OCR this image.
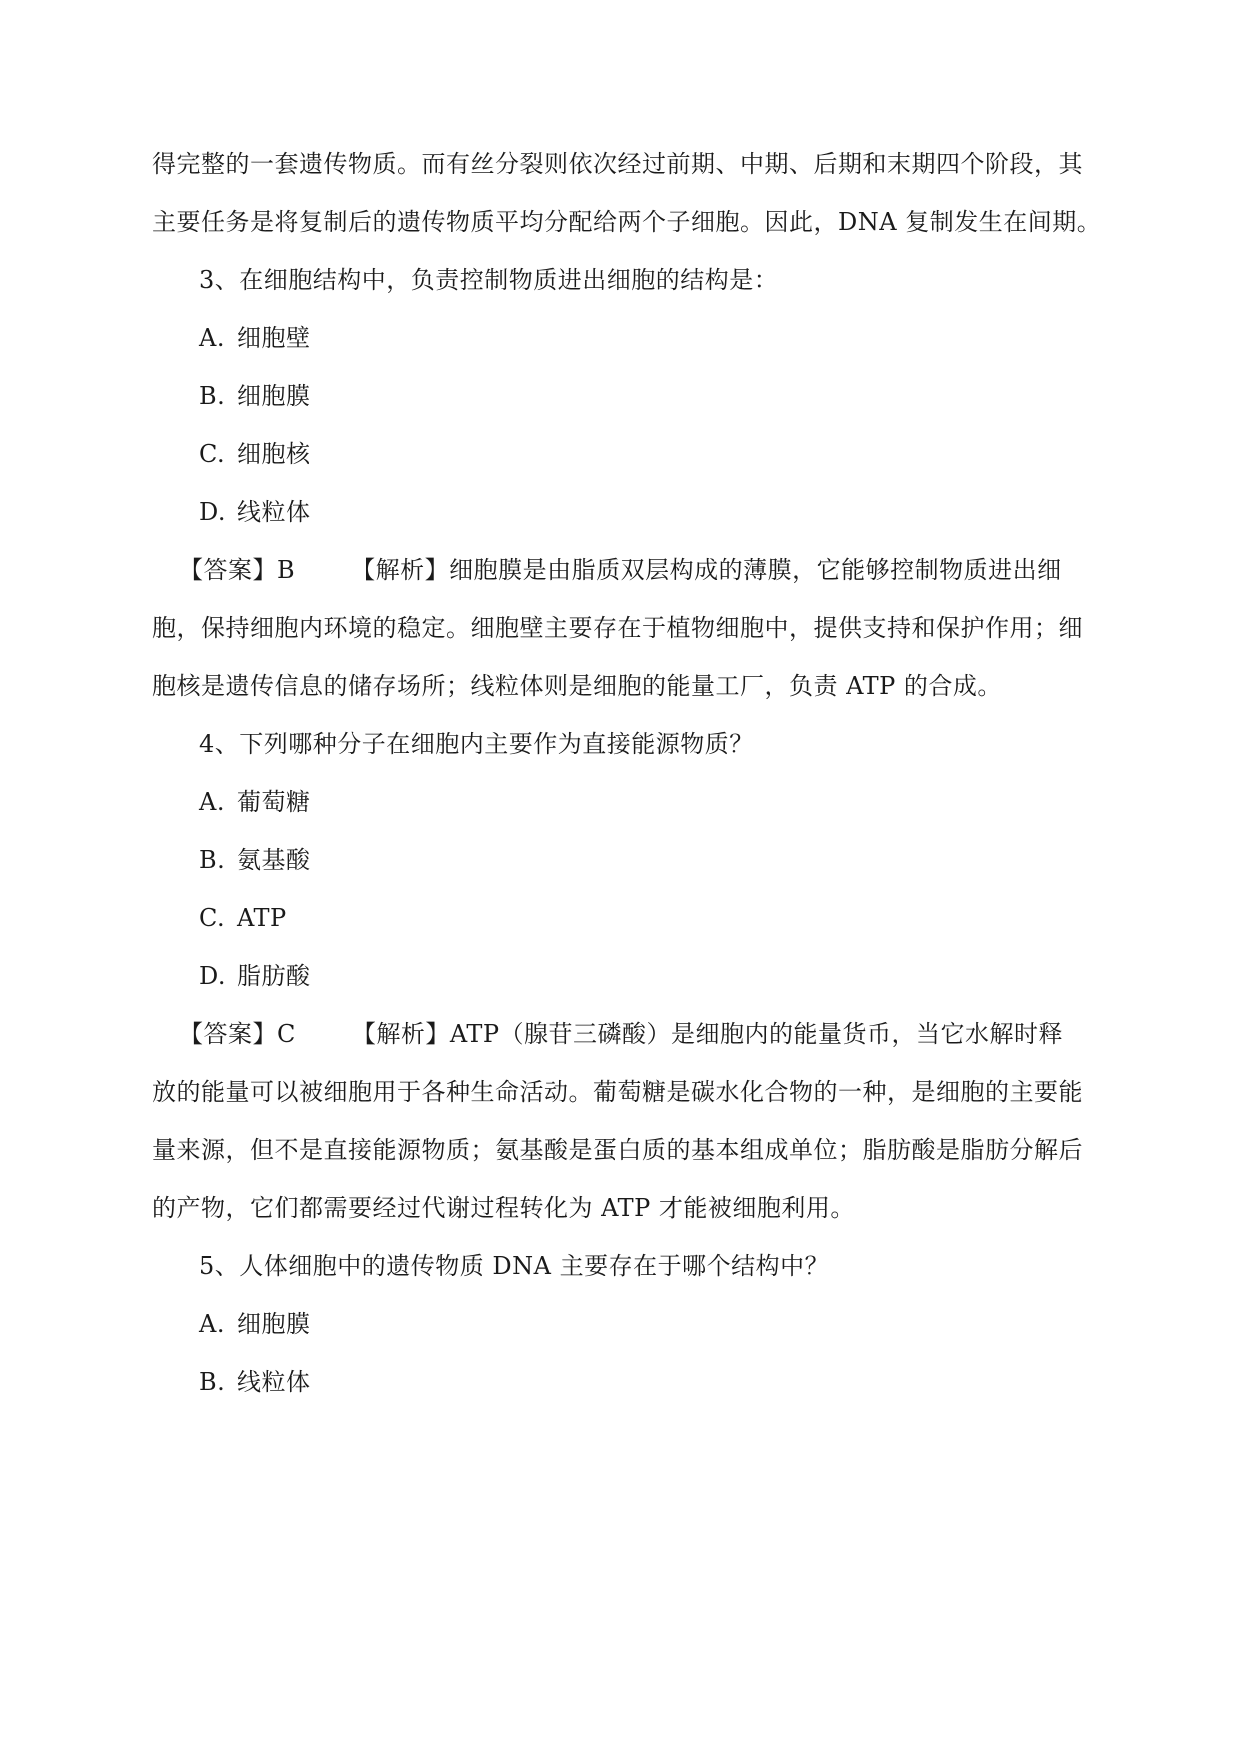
得完整的一套遗传物质。而有丝分裂则依次经过前期、中期、后期和末期四个阶段，其
主要任务是将复制后的遗传物质平均分配给两个子细胞。因此，DNA 复制发生在间期。
3、在细胞结构中，负责控制物质进出细胞的结构是：
A. 细胞壁
B. 细胞膜
C. 细胞核
D. 线粒体
【答案】B 【解析】细胞膜是由脂质双层构成的薄膜，它能够控制物质进出细
胞，保持细胞内环境的稳定。细胞壁主要存在于植物细胞中，提供支持和保护作用；细
胞核是遗传信息的储存场所；线粒体则是细胞的能量工厂，负责 ATP 的合成。
4、下列哪种分子在细胞内主要作为直接能源物质？
A. 葡萄糖
B. 氨基酸
C. ATP
D. 脂肪酸
【答案】C 【解析】ATP（腺苷三磷酸）是细胞内的能量货币，当它水解时释
放的能量可以被细胞用于各种生命活动。葡萄糖是碳水化合物的一种，是细胞的主要能
量来源，但不是直接能源物质；氨基酸是蛋白质的基本组成单位；脂肪酸是脂肪分解后
的产物，它们都需要经过代谢过程转化为 ATP 才能被细胞利用。
5、人体细胞中的遗传物质 DNA 主要存在于哪个结构中？
A. 细胞膜
B. 线粒体
